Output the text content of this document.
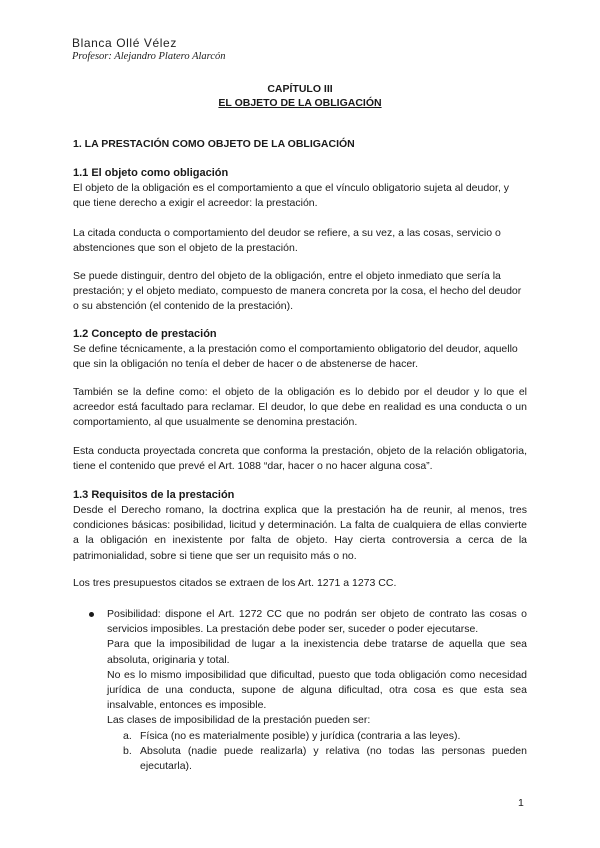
Blanca Ollé Vélez
Profesor: Alejandro Platero Alarcón
CAPÍTULO III
EL OBJETO DE LA OBLIGACIÓN
1. LA PRESTACIÓN COMO OBJETO DE LA OBLIGACIÓN
1.1 El objeto como obligación

El objeto de la obligación es el comportamiento a que el vínculo obligatorio sujeta al deudor, y que tiene derecho a exigir el acreedor: la prestación.

La citada conducta o comportamiento del deudor se refiere, a su vez, a las cosas, servicio o abstenciones que son el objeto de la prestación.

Se puede distinguir, dentro del objeto de la obligación, entre el objeto inmediato que sería la prestación; y el objeto mediato, compuesto de manera concreta por la cosa, el hecho del deudor o su abstención (el contenido de la prestación).

1.2 Concepto de prestación

Se define técnicamente, a la prestación como el comportamiento obligatorio del deudor, aquello que sin la obligación no tenía el deber de hacer o de abstenerse de hacer.

También se la define como: el objeto de la obligación es lo debido por el deudor y lo que el acreedor está facultado para reclamar. El deudor, lo que debe en realidad es una conducta o un comportamiento, al que usualmente se denomina prestación.

Esta conducta proyectada concreta que conforma la prestación, objeto de la relación obligatoria, tiene el contenido que prevé el Art. 1088 “dar, hacer o no hacer alguna cosa”.

1.3 Requisitos de la prestación

Desde el Derecho romano, la doctrina explica que la prestación ha de reunir, al menos, tres condiciones básicas: posibilidad, licitud y determinación. La falta de cualquiera de ellas convierte a la obligación en inexistente por falta de objeto. Hay cierta controversia a cerca de la patrimonialidad, sobre si tiene que ser un requisito más o no.

Los tres presupuestos citados se extraen de los Art. 1271 a 1273 CC.

Posibilidad: dispone el Art. 1272 CC que no podrán ser objeto de contrato las cosas o servicios imposibles. La prestación debe poder ser, suceder o poder ejecutarse.

Para que la imposibilidad de lugar a la inexistencia debe tratarse de aquella que sea absoluta, originaria y total.

No es lo mismo imposibilidad que dificultad, puesto que toda obligación como necesidad jurídica de una conducta, supone de alguna dificultad, otra cosa es que esta sea insalvable, entonces es imposible.

Las clases de imposibilidad de la prestación pueden ser:

a. Física (no es materialmente posible) y jurídica (contraria a las leyes).
b. Absoluta (nadie puede realizarla) y relativa (no todas las personas pueden ejecutarla).
1
